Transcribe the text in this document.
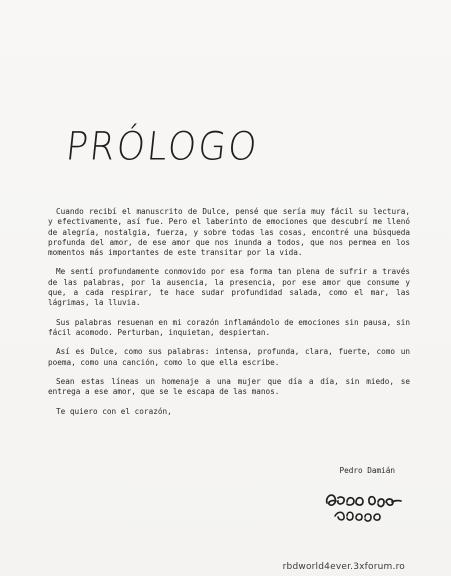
PRÓLOGO

Cuando recibí el manuscrito de Dulce, pensé que sería muy fácil su lectura, y efectivamente, así fue. Pero el laberinto de emociones que descubrí me llenó de alegría, nostalgia, fuerza, y sobre todas las cosas, encontré una búsqueda profunda del amor, de ese amor que nos inunda a todos, que nos permea en los momentos más importantes de este transitar por la vida.

Me sentí profundamente conmovido por esa forma tan plena de sufrir a través de las palabras, por la ausencia, la presencia, por ese amor que consume y que, a cada respirar, te hace sudar profundidad salada, como el mar, las lágrimas, la lluvia.

Sus palabras resuenan en mi corazón inflamándolo de emociones sin pausa, sin fácil acomodo. Perturban, inquietan, despiertan.

Así es Dulce, como sus palabras: intensa, profunda, clara, fuerte, como un poema, como una canción, como lo que ella escribe.

Sean estas líneas un homenaje a una mujer que día a día, sin miedo, se entrega a ese amor, que se le escapa de las manos.

Te quiero con el corazón,

Pedro Damián
rbdworld4ever.3xforum.ro
